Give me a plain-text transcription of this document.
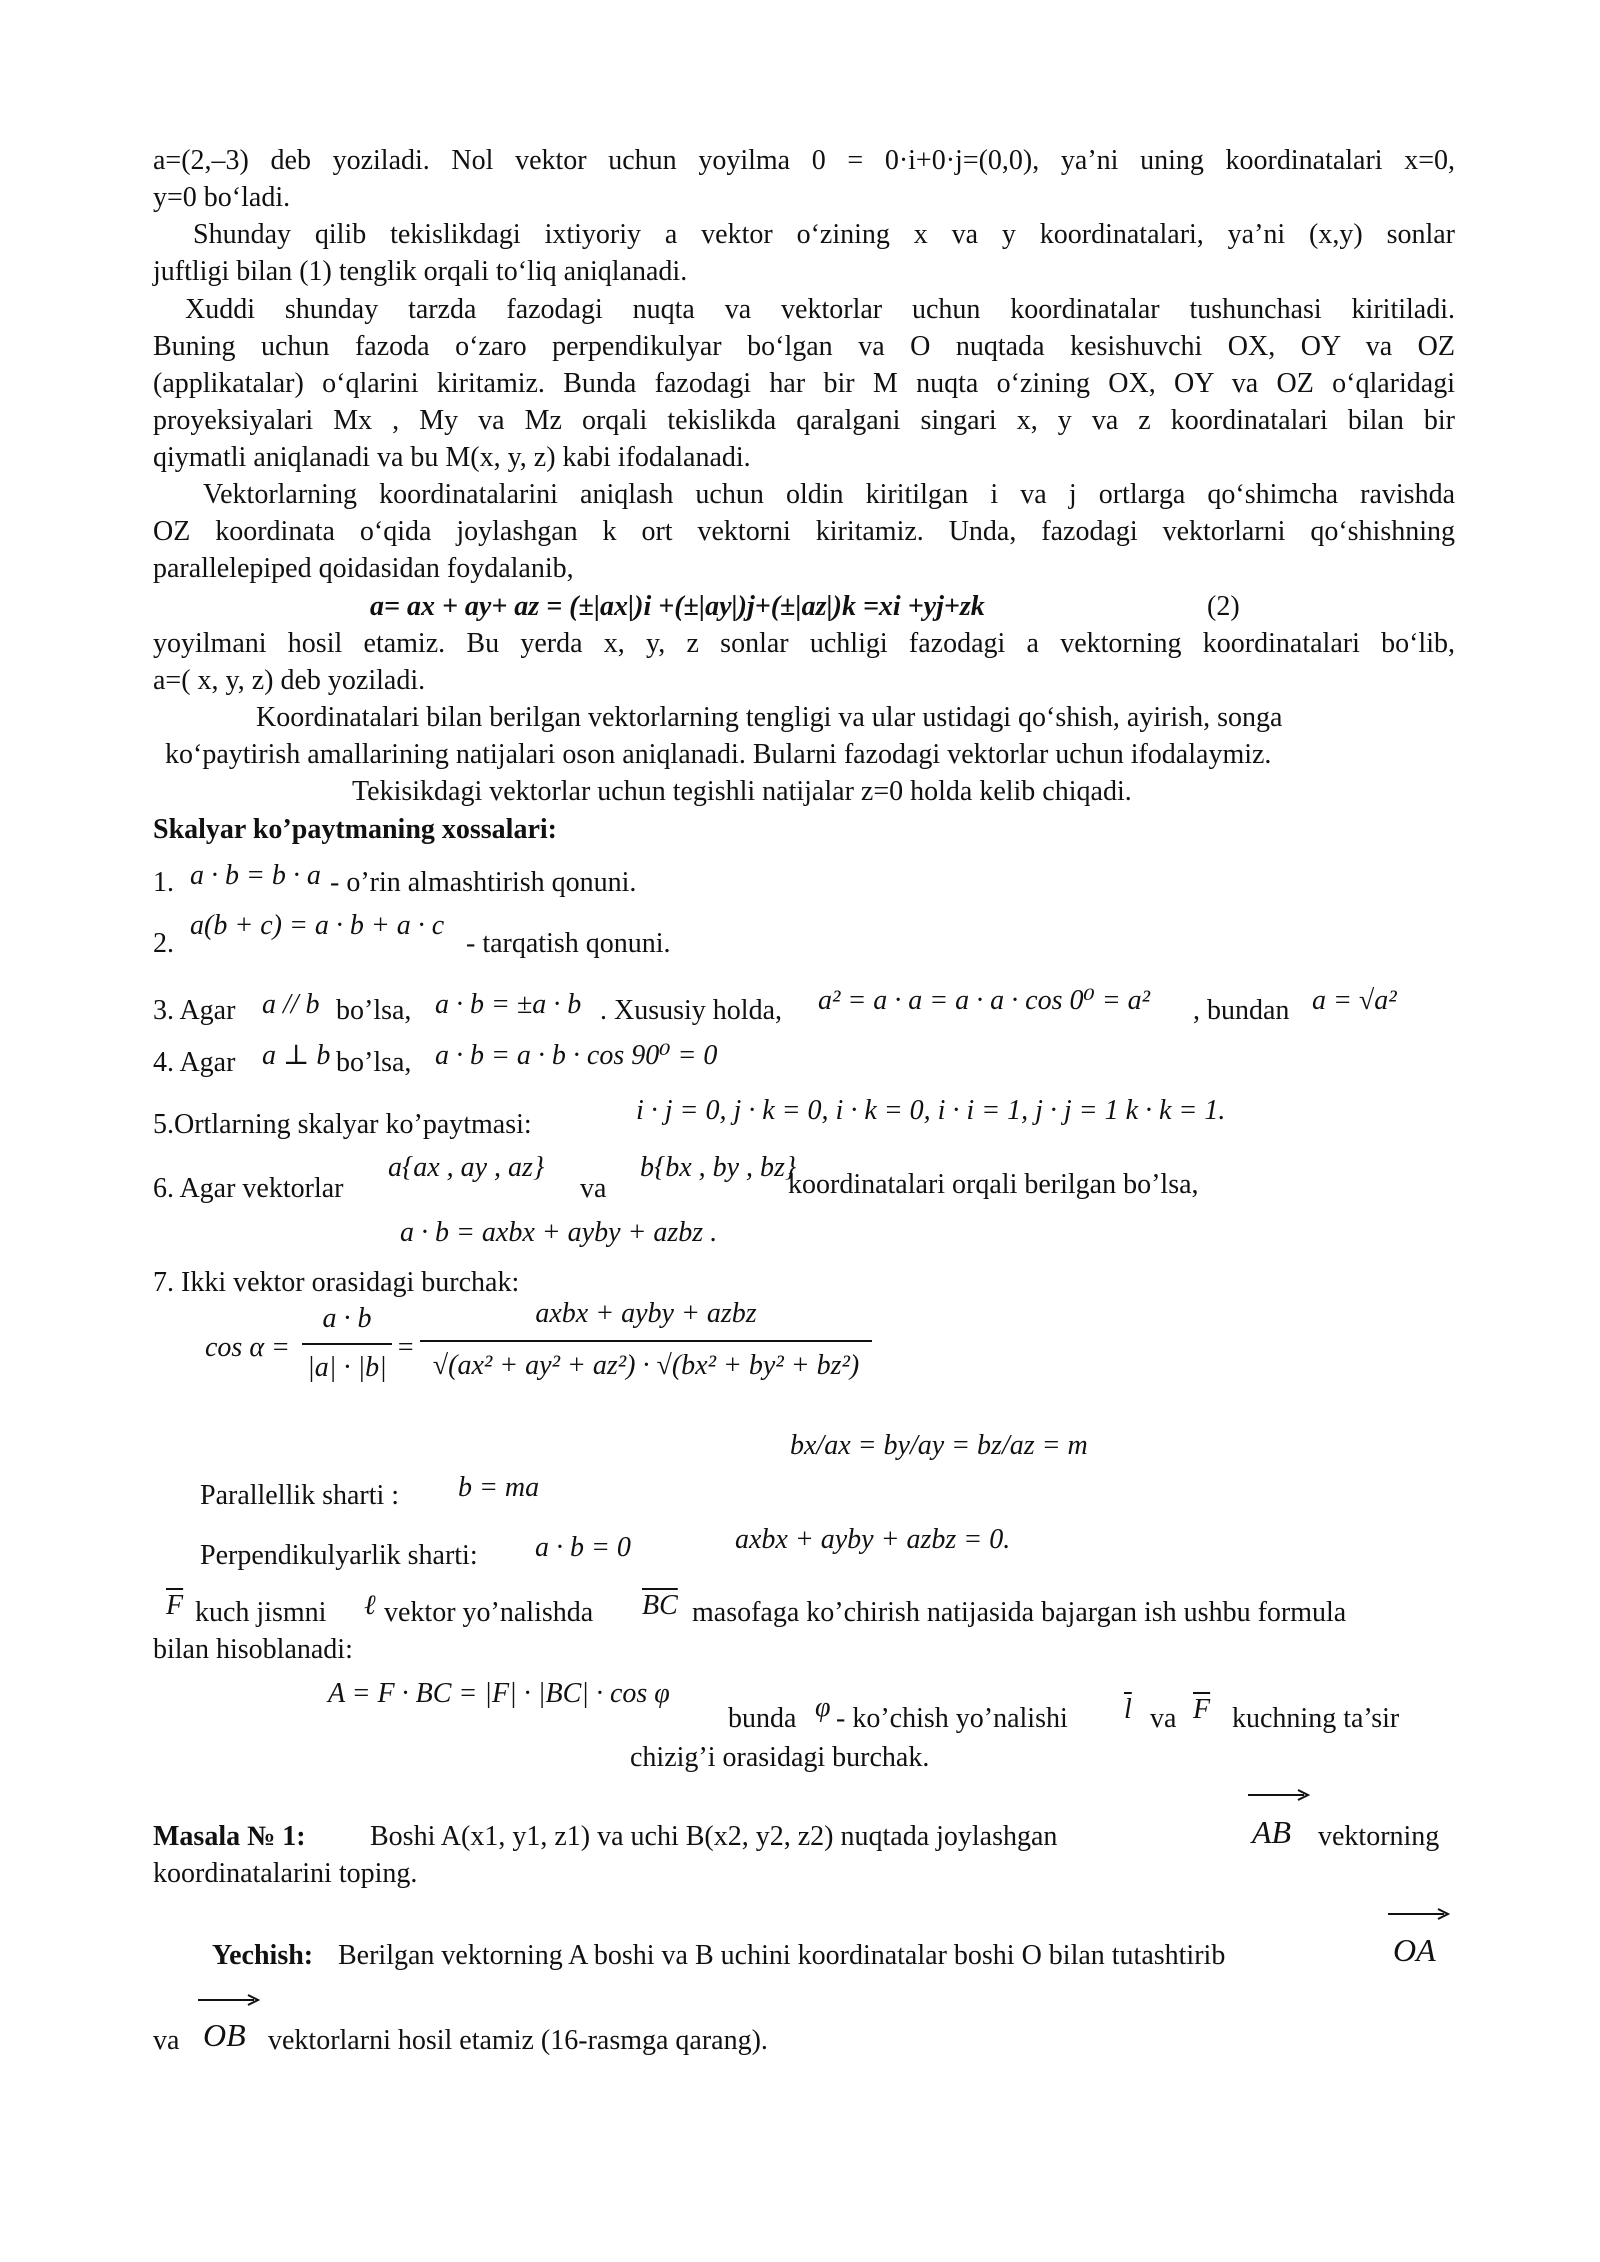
a=(2,–3) deb yoziladi. Nol vektor uchun yoyilma 0 = 0·i+0·j=(0,0), ya’ni uning koordinatalari x=0,
y=0 bo‘ladi.
Shunday qilib tekislikdagi ixtiyoriy a vektor o‘zining x va y koordinatalari, ya’ni (x,y) sonlar
juftligi bilan (1) tenglik orqali to‘liq aniqlanadi.
Xuddi shunday tarzda fazodagi nuqta va vektorlar uchun koordinatalar tushunchasi kiritiladi.
Buning uchun fazoda o‘zaro perpendikulyar bo‘lgan va O nuqtada kesishuvchi OX, OY va OZ
(applikatalar) o‘qlarini kiritamiz. Bunda fazodagi har bir M nuqta o‘zining OX, OY va OZ o‘qlaridagi
proyeksiyalari Mx , My va Mz orqali tekislikda qaralgani singari x, y va z koordinatalari bilan bir
qiymatli aniqlanadi va bu M(x, y, z) kabi ifodalanadi.
Vektorlarning koordinatalarini aniqlash uchun oldin kiritilgan i va j ortlarga qo‘shimcha ravishda
OZ koordinata o‘qida joylashgan k ort vektorni kiritamiz. Unda, fazodagi vektorlarni qo‘shishning
parallelepiped qoidasidan foydalanib,
a= ax + ay+ az = (±|ax|)i +(±|ay|)j+(±|az|)k =xi +yj+zk	(2)
yoyilmani hosil etamiz. Bu yerda x, y, z sonlar uchligi fazodagi a vektorning koordinatalari bo‘lib,
a=( x, y, z) deb yoziladi.
Koordinatalari bilan berilgan vektorlarning tengligi va ular ustidagi qo‘shish, ayirish, songa
ko‘paytirish amallarining natijalari oson aniqlanadi. Bularni fazodagi vektorlar uchun ifodalaymiz.
Tekisikdagi vektorlar uchun tegishli natijalar z=0 holda kelib chiqadi.
Skalyar ko’paytmaning xossalari:
1. a · b = b · a - o’rin almashtirish qonuni.
2.
a(b + c) = a · b + a · c
- tarqatish qonuni.
3. Agar a // b bo’lsa, a · b = ±a · b . Xususiy holda, a² = a · a = a · a · cos 0⁰ = a² , bundan a = √a²
4. Agar a ⊥ b bo’lsa, a · b = a · b · cos 90⁰ = 0
5.Ortlarning skalyar ko’paytmasi:	i · j = 0, j · k = 0, i · k = 0, i · i = 1, j · j = 1 k · k = 1.
6. Agar vektorlar
a{ax , ay , az}
va
b{bx , by , bz}
koordinatalari orqali berilgan bo’lsa,
a · b = axbx + ayby + azbz .
7. Ikki vektor orasidagi burchak:
cos α =
a · b
|a| · |b|
=
axbx + ayby + azbz
√(ax² + ay² + az²) · √(bx² + by² + bz²)
bx/ax = by/ay = bz/az = m
Parallellik sharti : b = ma
Perpendikulyarlik sharti: a · b = 0	axbx + ayby + azbz = 0.
$\overline{F}$ kuch jismni ℓ vektor yo’nalishda $\overline{BC}$ masofaga ko’chirish natijasida bajargan ish ushbu formula
bilan hisoblanadi:
A = F · BC = |F| · |BC| · cos φ
bunda φ - ko’chish yo’nalishi $\overline{l}$ va $\overline{F}$ kuchning ta’sir
chizig’i orasidagi burchak.
Masala № 1: Boshi A(x1, y1, z1) va uchi B(x2, y2, z2) nuqtada joylashgan	AB vektorning
koordinatalarini toping.
Yechish: Berilgan vektorning A boshi va B uchini koordinatalar boshi O bilan tutashtirib	OA
va OB vektorlarni hosil etamiz (16-rasmga qarang).
